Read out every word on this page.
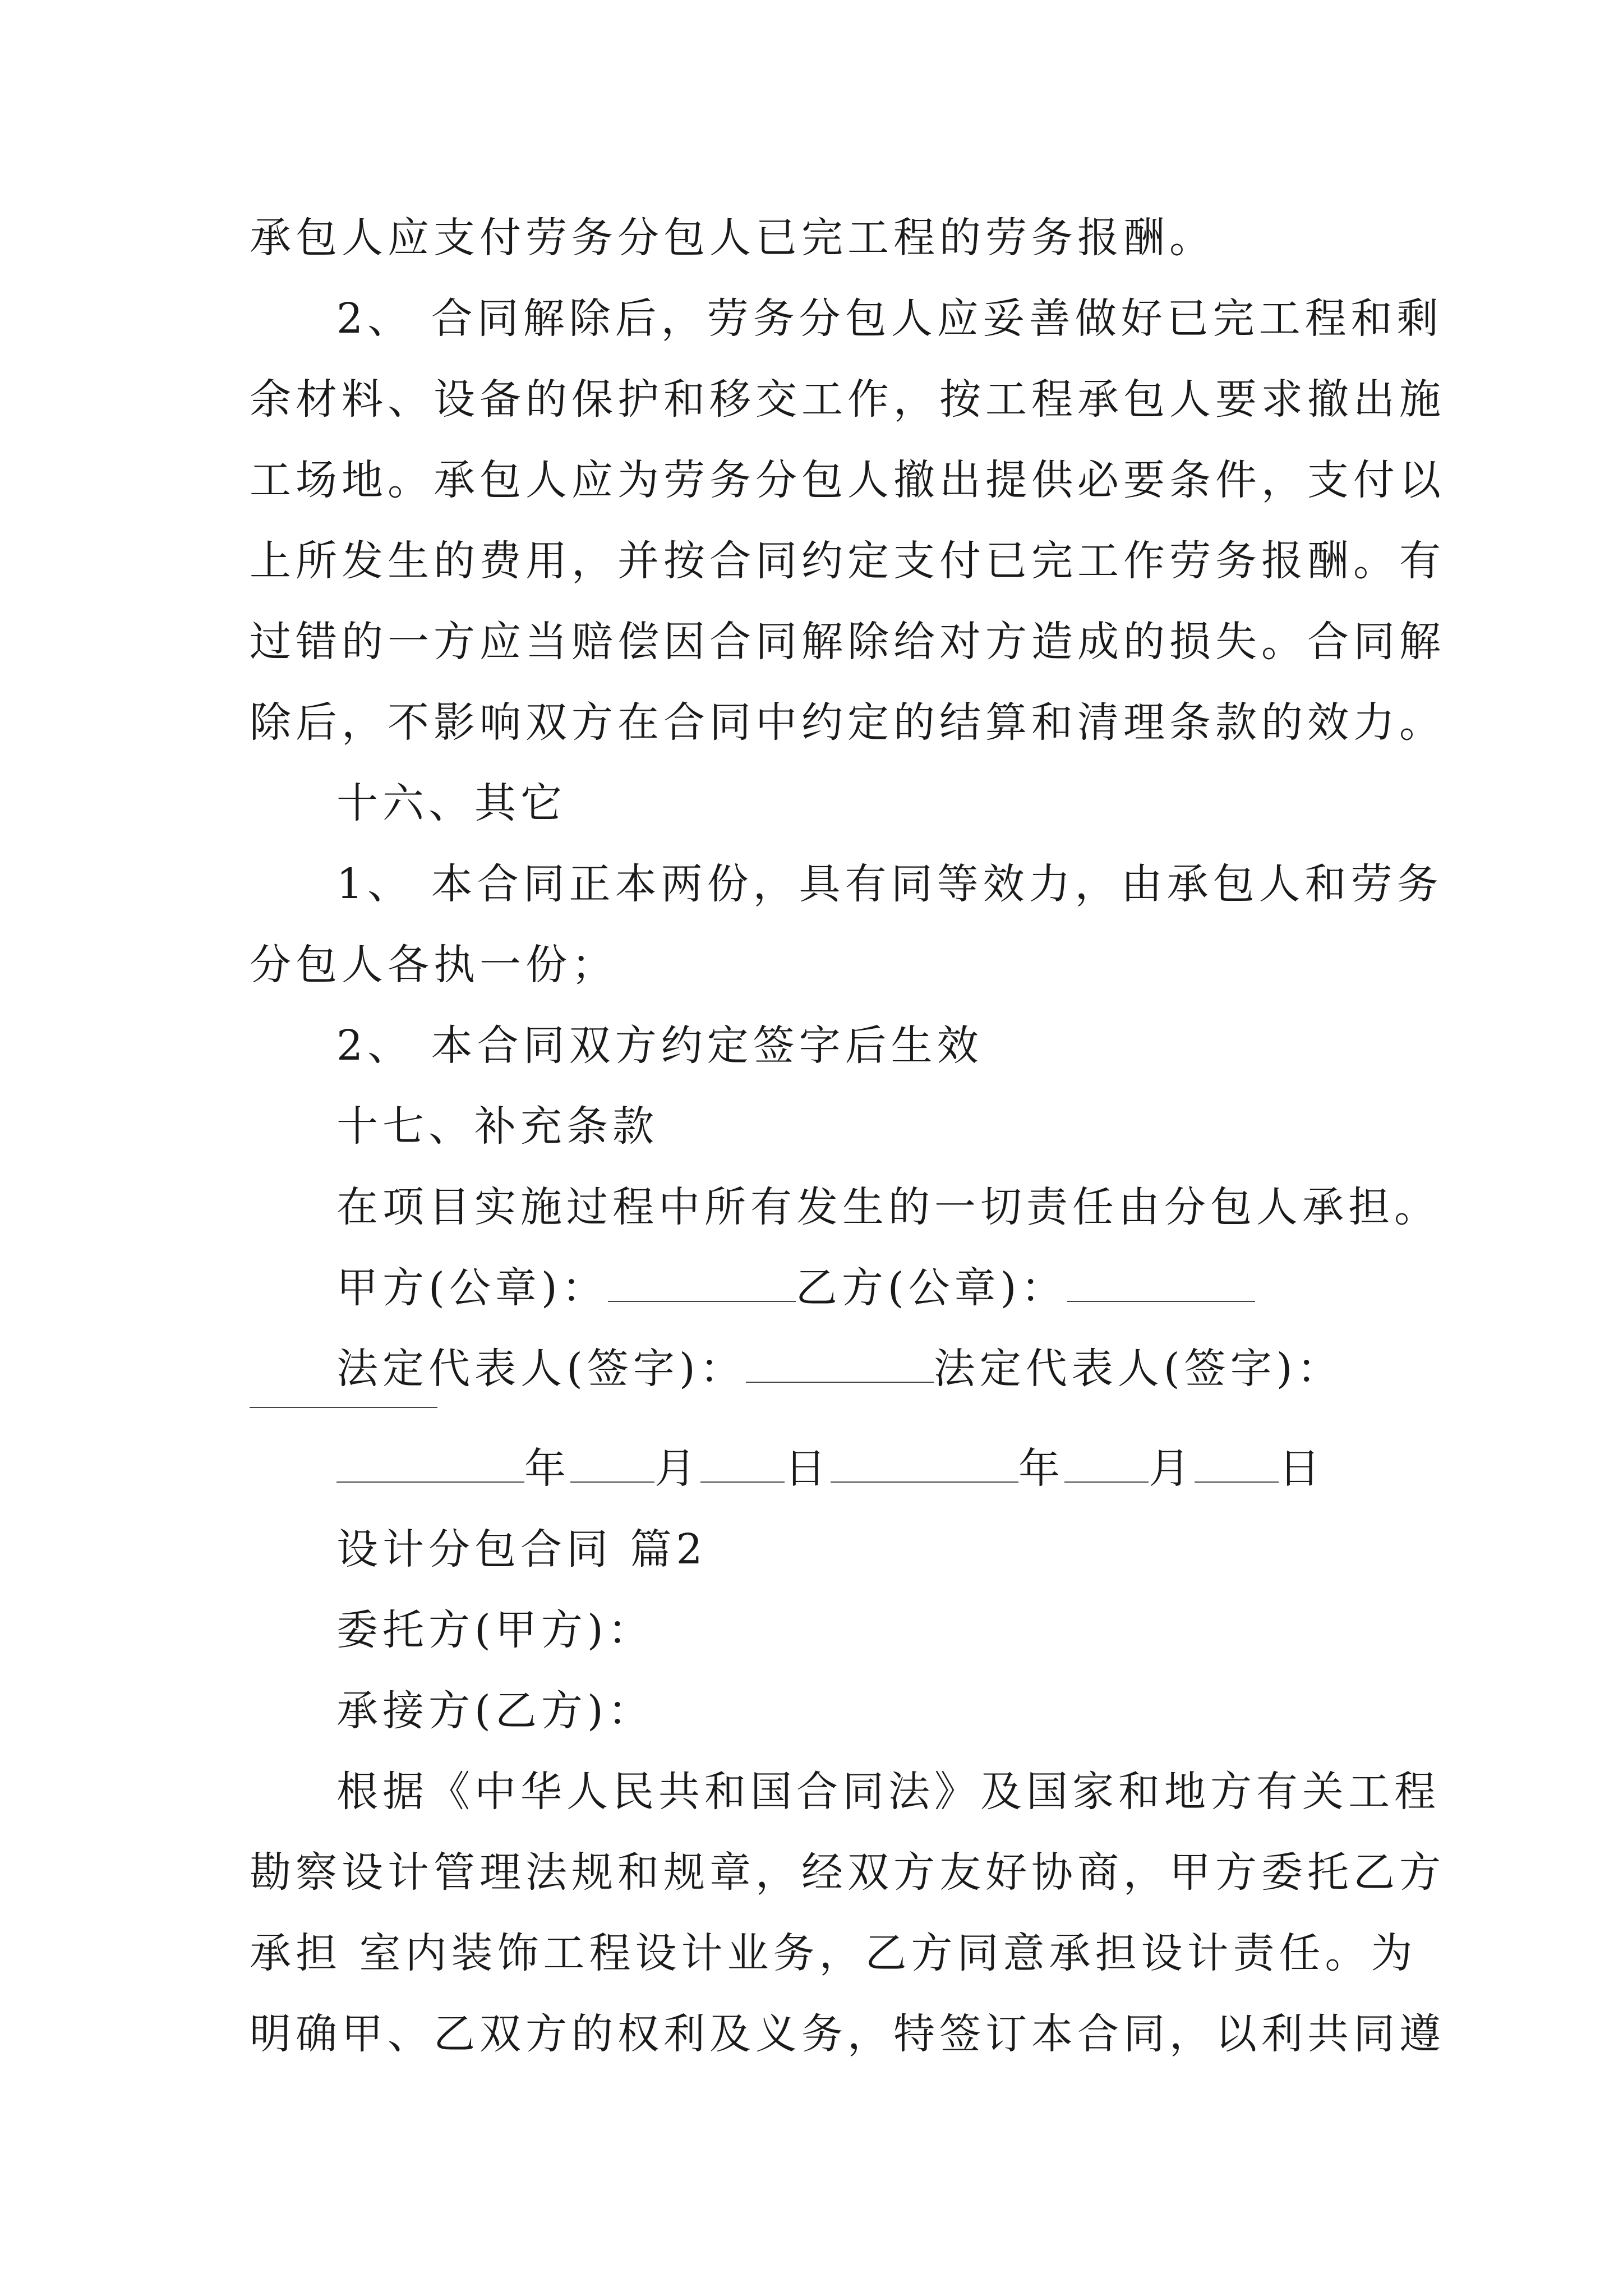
承包人应支付劳务分包人已完工程的劳务报酬。
2、 合同解除后，劳务分包人应妥善做好已完工程和剩
余材料、设备的保护和移交工作，按工程承包人要求撤出施
工场地。承包人应为劳务分包人撤出提供必要条件，支付以
上所发生的费用，并按合同约定支付已完工作劳务报酬。有
过错的一方应当赔偿因合同解除给对方造成的损失。合同解
除后，不影响双方在合同中约定的结算和清理条款的效力。
十六、其它
1、 本合同正本两份，具有同等效力，由承包人和劳务
分包人各执一份；
2、 本合同双方约定签字后生效
十七、补充条款
在项目实施过程中所有发生的一切责任由分包人承担。
甲方(公章)：	乙方(公章)：
法定代表人(签字)：	法定代表人(签字)：
年 月 日	年 月 日
设计分包合同 篇2
委托方(甲方)：
承接方(乙方)：
根据《中华人民共和国合同法》及国家和地方有关工程
勘察设计管理法规和规章，经双方友好协商，甲方委托乙方
承担 室内装饰工程设计业务，乙方同意承担设计责任。为
明确甲、乙双方的权利及义务，特签订本合同，以利共同遵
